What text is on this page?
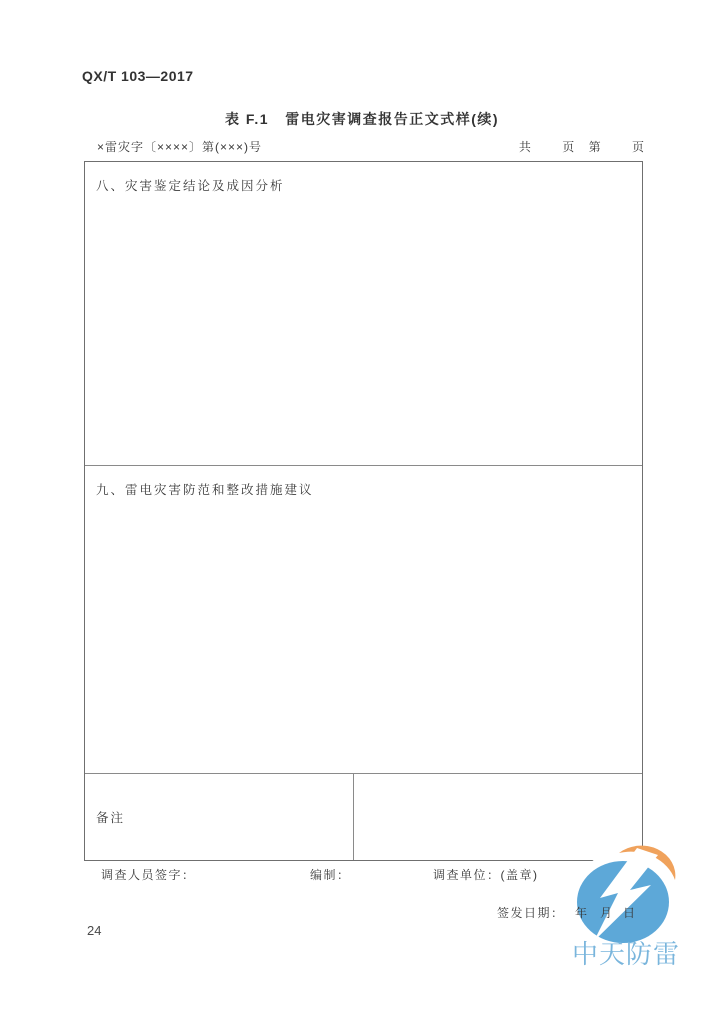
QX/T 103—2017
表 F.1   雷电灾害调查报告正文式样(续)
×雷灾字〔××××〕第(×××)号	共	页 第	页
八、灾害鉴定结论及成因分析
九、雷电灾害防范和整改措施建议
备注
调查人员签字：	编制：	调查单位：(盖章)
签发日期： 年 月 日
24
中天防雷
